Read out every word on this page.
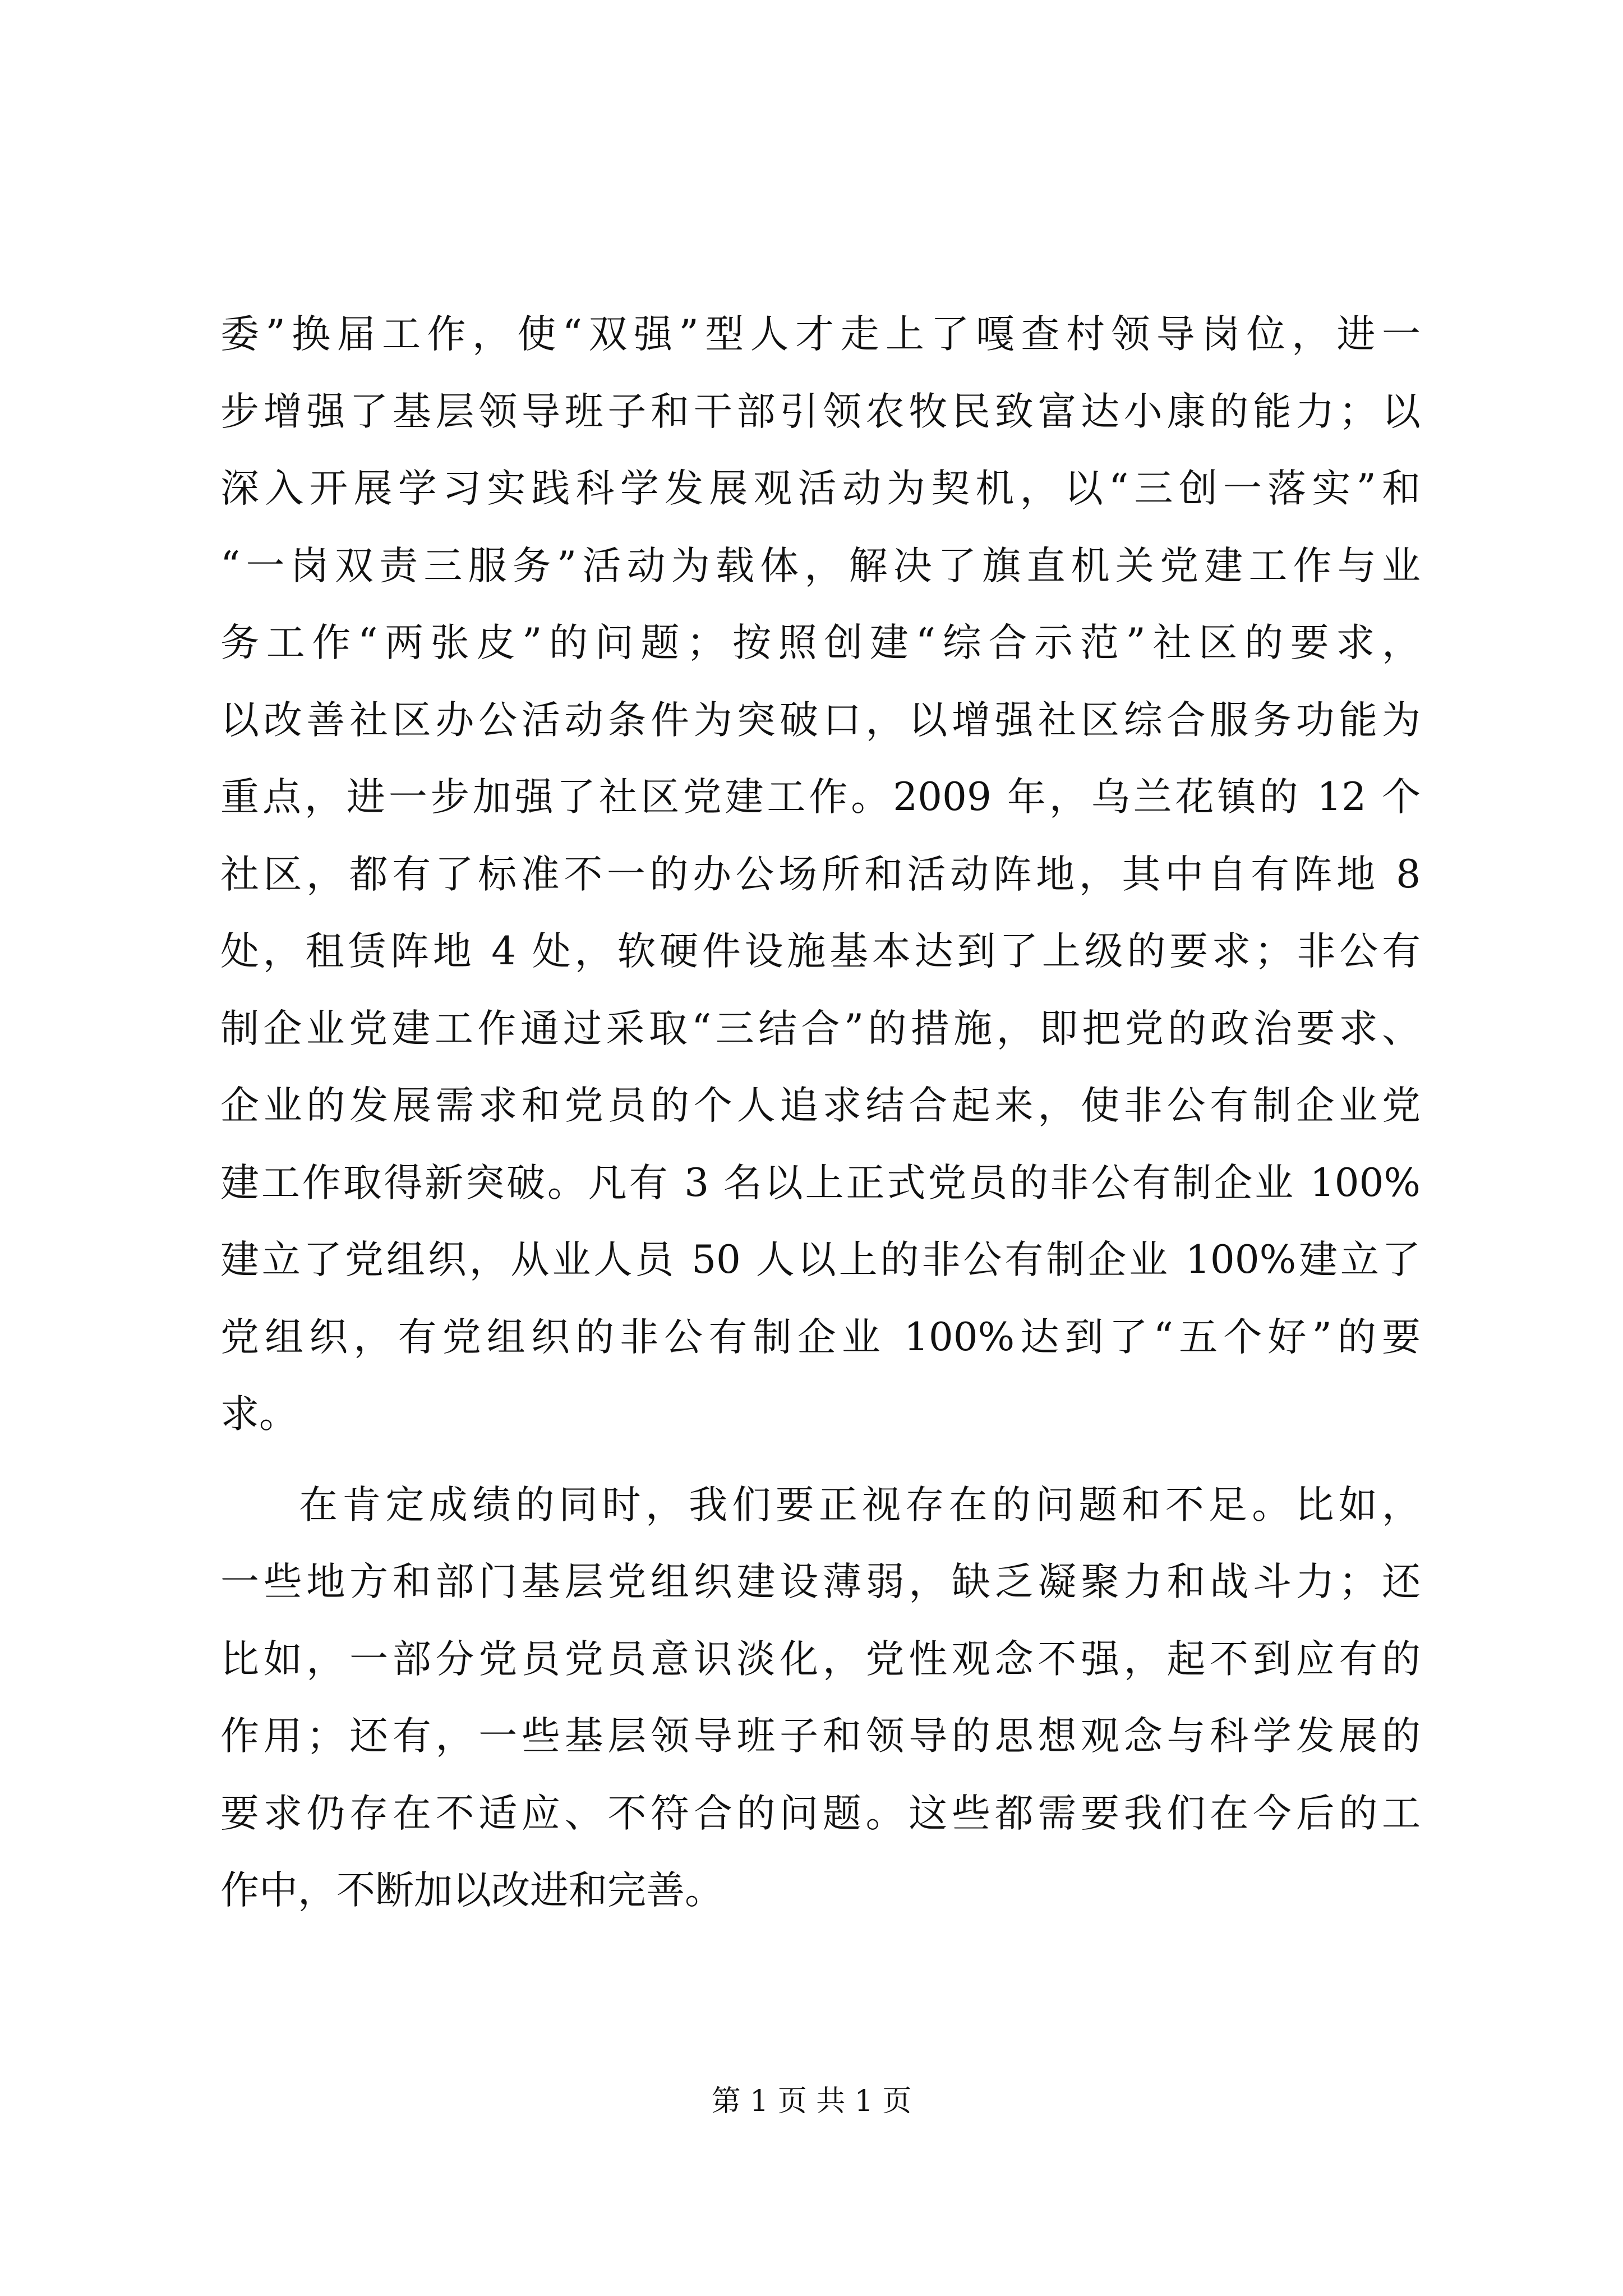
委”换届工作，使“双强”型人才走上了嘎查村领导岗位，进一
步增强了基层领导班子和干部引领农牧民致富达小康的能力；以
深入开展学习实践科学发展观活动为契机，以“三创一落实”和
“一岗双责三服务”活动为载体，解决了旗直机关党建工作与业
务工作“两张皮”的问题；按照创建“综合示范”社区的要求，
以改善社区办公活动条件为突破口，以增强社区综合服务功能为
重点，进一步加强了社区党建工作。2009 年，乌兰花镇的 12 个
社区，都有了标准不一的办公场所和活动阵地，其中自有阵地 8
处，租赁阵地 4 处，软硬件设施基本达到了上级的要求；非公有
制企业党建工作通过采取“三结合”的措施，即把党的政治要求、
企业的发展需求和党员的个人追求结合起来，使非公有制企业党
建工作取得新突破。凡有 3 名以上正式党员的非公有制企业 100%
建立了党组织，从业人员 50 人以上的非公有制企业 100%建立了
党组织，有党组织的非公有制企业 100%达到了“五个好”的要
求。
在肯定成绩的同时，我们要正视存在的问题和不足。比如，
一些地方和部门基层党组织建设薄弱，缺乏凝聚力和战斗力；还
比如，一部分党员党员意识淡化，党性观念不强，起不到应有的
作用；还有，一些基层领导班子和领导的思想观念与科学发展的
要求仍存在不适应、不符合的问题。这些都需要我们在今后的工
作中，不断加以改进和完善。
第 1 页 共 1 页
